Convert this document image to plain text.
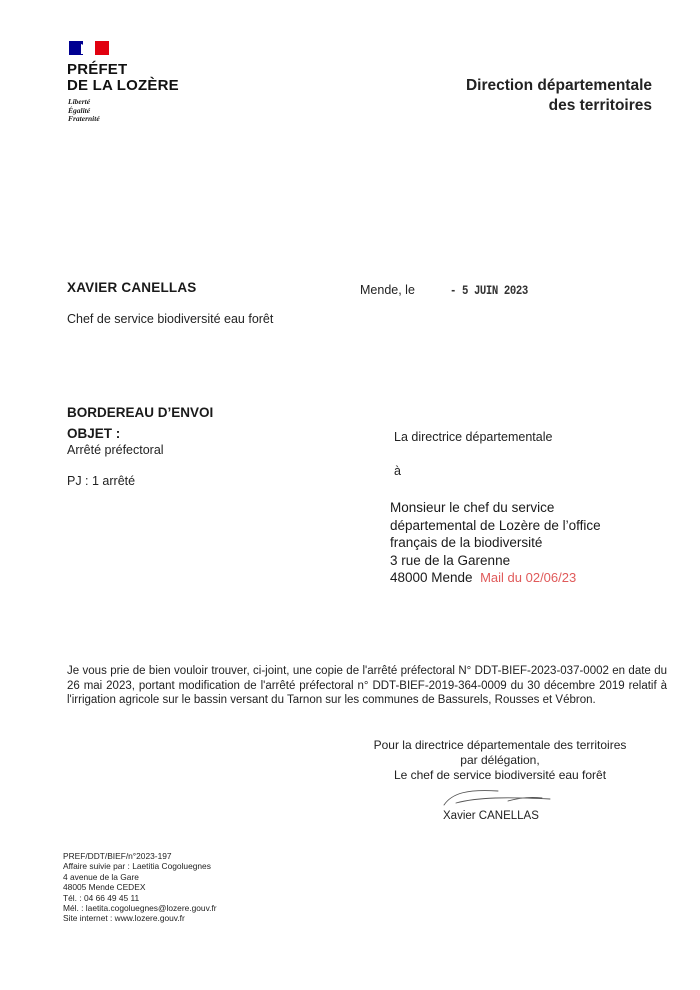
PRÉFET
DE LA LOZÈRE
Liberté
Égalité
Fraternité
Direction départementale
des territoires
XAVIER CANELLAS
Chef de service biodiversité eau forêt
Mende, le	- 5 JUIN 2023
BORDEREAU D’ENVOI
OBJET :
Arrêté préfectoral
PJ : 1 arrêté
La directrice départementale
à
Monsieur le chef du service
départemental de Lozère de l’office
français de la biodiversité
3 rue de la Garenne
48000 Mende Mail du 02/06/23
Je vous prie de bien vouloir trouver, ci-joint, une copie de l'arrêté préfectoral N° DDT-BIEF-2023-037-0002 en date du 26 mai 2023, portant modification de l'arrêté préfectoral n° DDT-BIEF-2019-364-0009 du 30 décembre 2019 relatif à l'irrigation agricole sur le bassin versant du Tarnon sur les communes de Bassurels, Rousses et Vébron.
Pour la directrice départementale des territoires
par délégation,
Le chef de service biodiversité eau forêt
Xavier CANELLAS
PREF/DDT/BIEF/n°2023-197
Affaire suivie par : Laetitia Cogoluegnes
4 avenue de la Gare
48005 Mende CEDEX
Tél. : 04 66 49 45 11
Mél. : laetita.cogoluegnes@lozere.gouv.fr
Site internet : www.lozere.gouv.fr
